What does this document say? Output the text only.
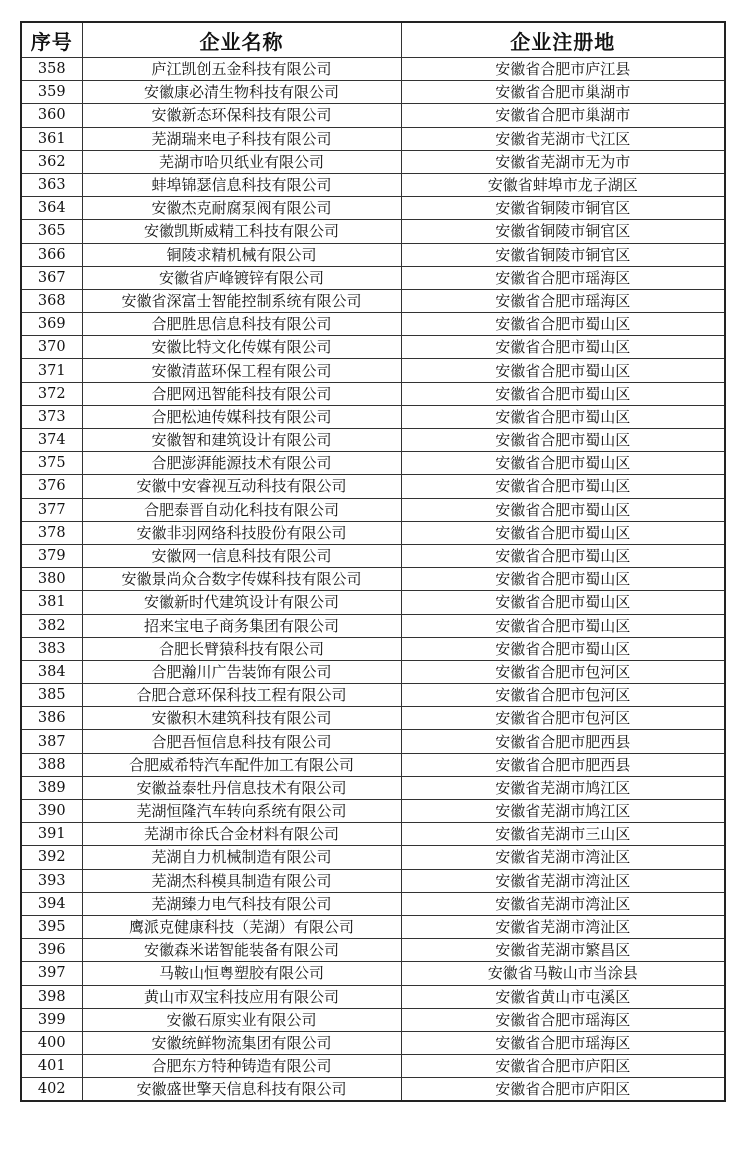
序号	企业名称	企业注册地
358	庐江凯创五金科技有限公司	安徽省合肥市庐江县
359	安徽康必清生物科技有限公司	安徽省合肥市巢湖市
360	安徽新态环保科技有限公司	安徽省合肥市巢湖市
361	芜湖瑞来电子科技有限公司	安徽省芜湖市弋江区
362	芜湖市哈贝纸业有限公司	安徽省芜湖市无为市
363	蚌埠锦瑟信息科技有限公司	安徽省蚌埠市龙子湖区
364	安徽杰克耐腐泵阀有限公司	安徽省铜陵市铜官区
365	安徽凯斯威精工科技有限公司	安徽省铜陵市铜官区
366	铜陵求精机械有限公司	安徽省铜陵市铜官区
367	安徽省庐峰镀锌有限公司	安徽省合肥市瑶海区
368	安徽省深富士智能控制系统有限公司	安徽省合肥市瑶海区
369	合肥胜思信息科技有限公司	安徽省合肥市蜀山区
370	安徽比特文化传媒有限公司	安徽省合肥市蜀山区
371	安徽清蓝环保工程有限公司	安徽省合肥市蜀山区
372	合肥网迅智能科技有限公司	安徽省合肥市蜀山区
373	合肥松迪传媒科技有限公司	安徽省合肥市蜀山区
374	安徽智和建筑设计有限公司	安徽省合肥市蜀山区
375	合肥澎湃能源技术有限公司	安徽省合肥市蜀山区
376	安徽中安睿视互动科技有限公司	安徽省合肥市蜀山区
377	合肥泰晋自动化科技有限公司	安徽省合肥市蜀山区
378	安徽非羽网络科技股份有限公司	安徽省合肥市蜀山区
379	安徽网一信息科技有限公司	安徽省合肥市蜀山区
380	安徽景尚众合数字传媒科技有限公司	安徽省合肥市蜀山区
381	安徽新时代建筑设计有限公司	安徽省合肥市蜀山区
382	招来宝电子商务集团有限公司	安徽省合肥市蜀山区
383	合肥长臂猿科技有限公司	安徽省合肥市蜀山区
384	合肥瀚川广告装饰有限公司	安徽省合肥市包河区
385	合肥合意环保科技工程有限公司	安徽省合肥市包河区
386	安徽积木建筑科技有限公司	安徽省合肥市包河区
387	合肥吾恒信息科技有限公司	安徽省合肥市肥西县
388	合肥威希特汽车配件加工有限公司	安徽省合肥市肥西县
389	安徽益泰牡丹信息技术有限公司	安徽省芜湖市鸠江区
390	芜湖恒隆汽车转向系统有限公司	安徽省芜湖市鸠江区
391	芜湖市徐氏合金材料有限公司	安徽省芜湖市三山区
392	芜湖自力机械制造有限公司	安徽省芜湖市湾沚区
393	芜湖杰科模具制造有限公司	安徽省芜湖市湾沚区
394	芜湖臻力电气科技有限公司	安徽省芜湖市湾沚区
395	鹰派克健康科技（芜湖）有限公司	安徽省芜湖市湾沚区
396	安徽森米诺智能装备有限公司	安徽省芜湖市繁昌区
397	马鞍山恒粤塑胶有限公司	安徽省马鞍山市当涂县
398	黄山市双宝科技应用有限公司	安徽省黄山市屯溪区
399	安徽石原实业有限公司	安徽省合肥市瑶海区
400	安徽统鲜物流集团有限公司	安徽省合肥市瑶海区
401	合肥东方特种铸造有限公司	安徽省合肥市庐阳区
402	安徽盛世擎天信息科技有限公司	安徽省合肥市庐阳区
